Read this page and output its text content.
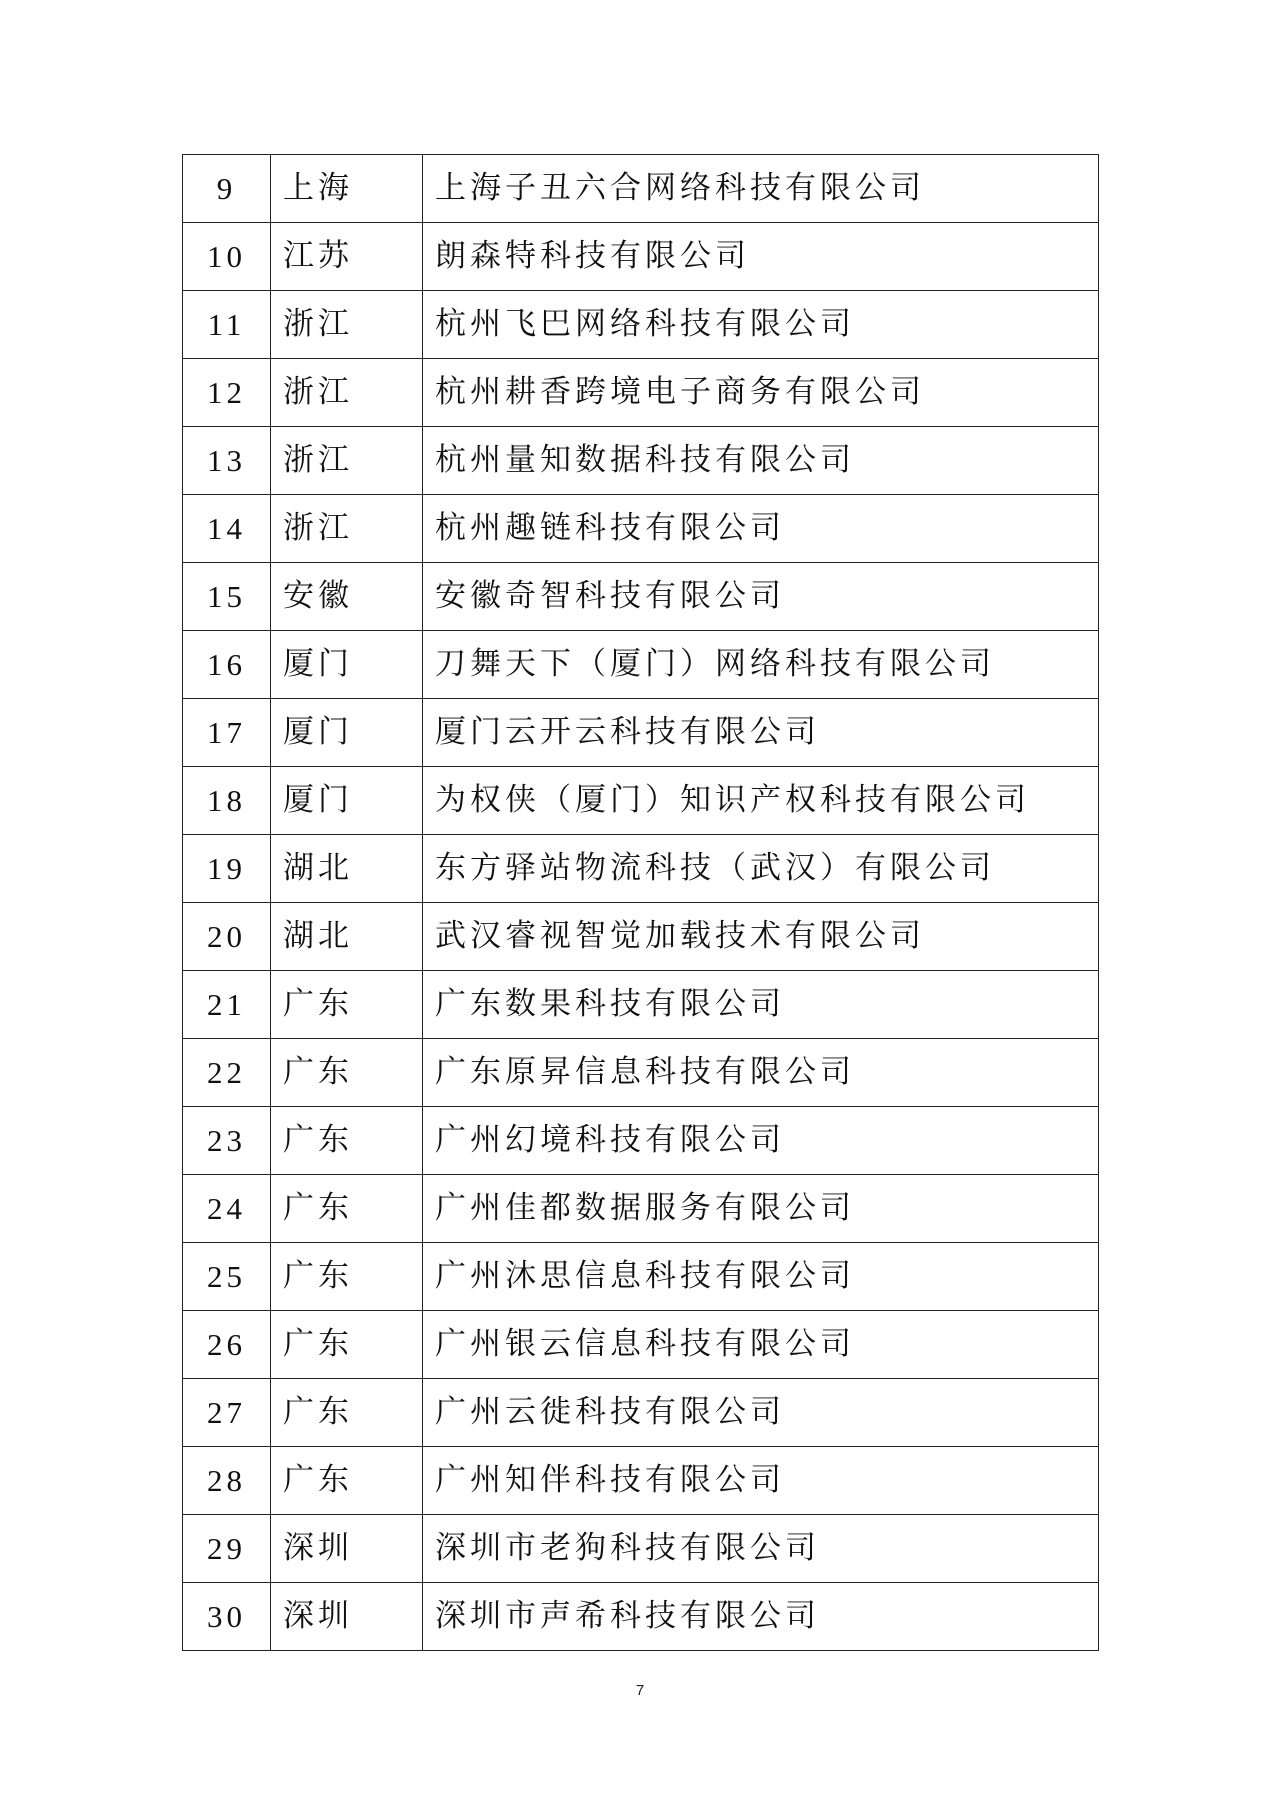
9	上海	上海子丑六合网络科技有限公司
10	江苏	朗森特科技有限公司
11	浙江	杭州飞巴网络科技有限公司
12	浙江	杭州耕香跨境电子商务有限公司
13	浙江	杭州量知数据科技有限公司
14	浙江	杭州趣链科技有限公司
15	安徽	安徽奇智科技有限公司
16	厦门	刀舞天下（厦门）网络科技有限公司
17	厦门	厦门云开云科技有限公司
18	厦门	为权侠（厦门）知识产权科技有限公司
19	湖北	东方驿站物流科技（武汉）有限公司
20	湖北	武汉睿视智觉加载技术有限公司
21	广东	广东数果科技有限公司
22	广东	广东原昇信息科技有限公司
23	广东	广州幻境科技有限公司
24	广东	广州佳都数据服务有限公司
25	广东	广州沐思信息科技有限公司
26	广东	广州银云信息科技有限公司
27	广东	广州云徙科技有限公司
28	广东	广州知伴科技有限公司
29	深圳	深圳市老狗科技有限公司
30	深圳	深圳市声希科技有限公司
7
